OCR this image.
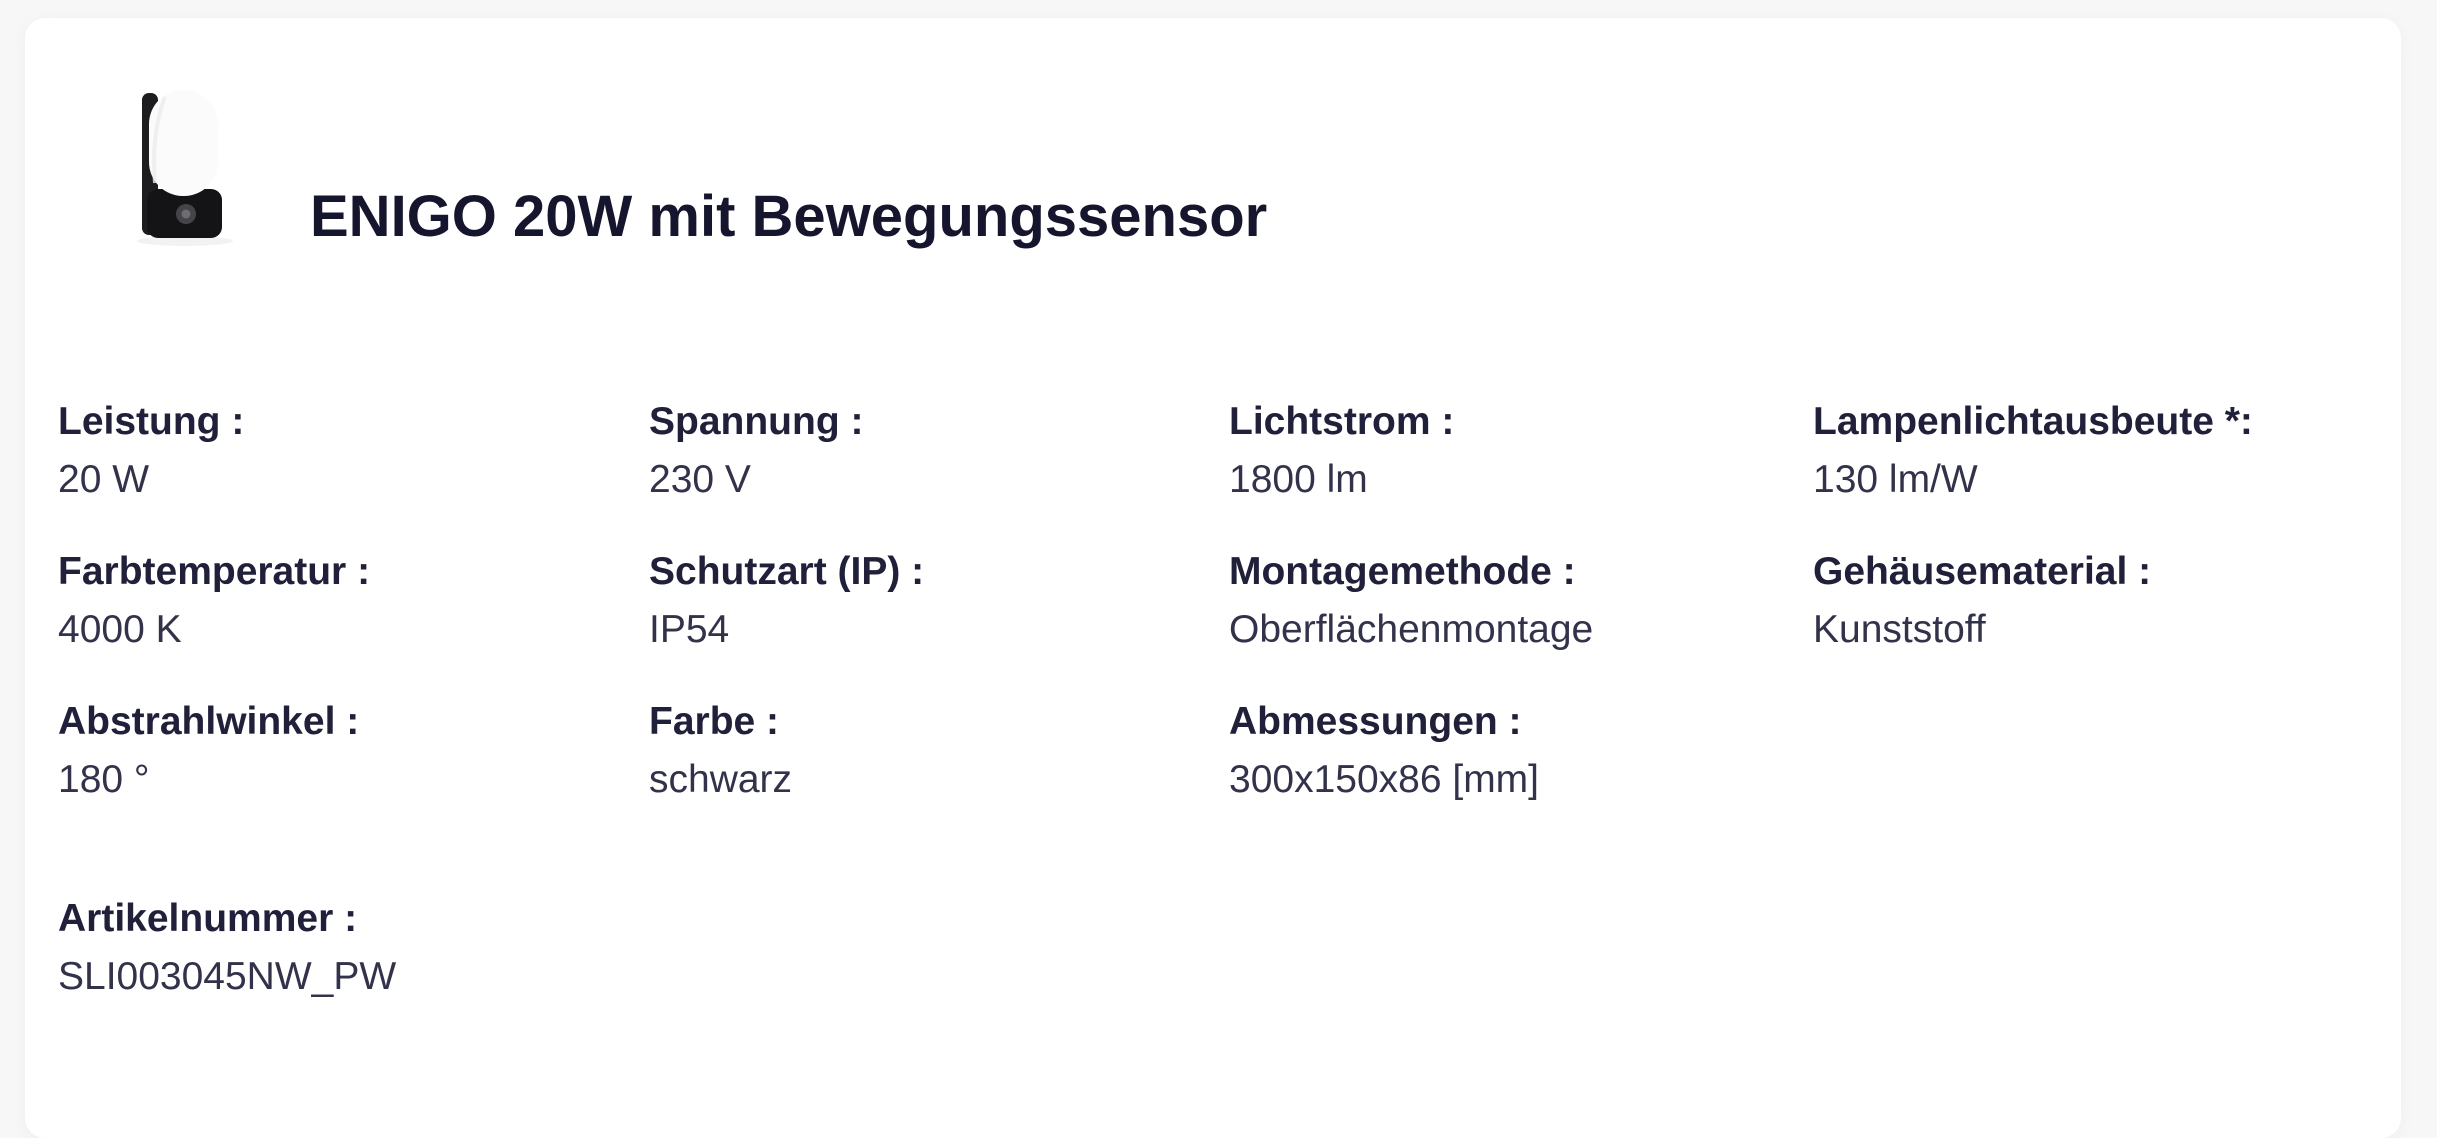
ENIGO 20W mit Bewegungssensor
Leistung :
20 W
Spannung :
230 V
Lichtstrom :
1800 lm
Lampenlichtausbeute *:
130 lm/W
Farbtemperatur :
4000 K
Schutzart (IP) :
IP54
Montagemethode :
Oberflächenmontage
Gehäusematerial :
Kunststoff
Abstrahlwinkel :
180 °
Farbe :
schwarz
Abmessungen :
300x150x86 [mm]
Artikelnummer :
SLI003045NW_PW
